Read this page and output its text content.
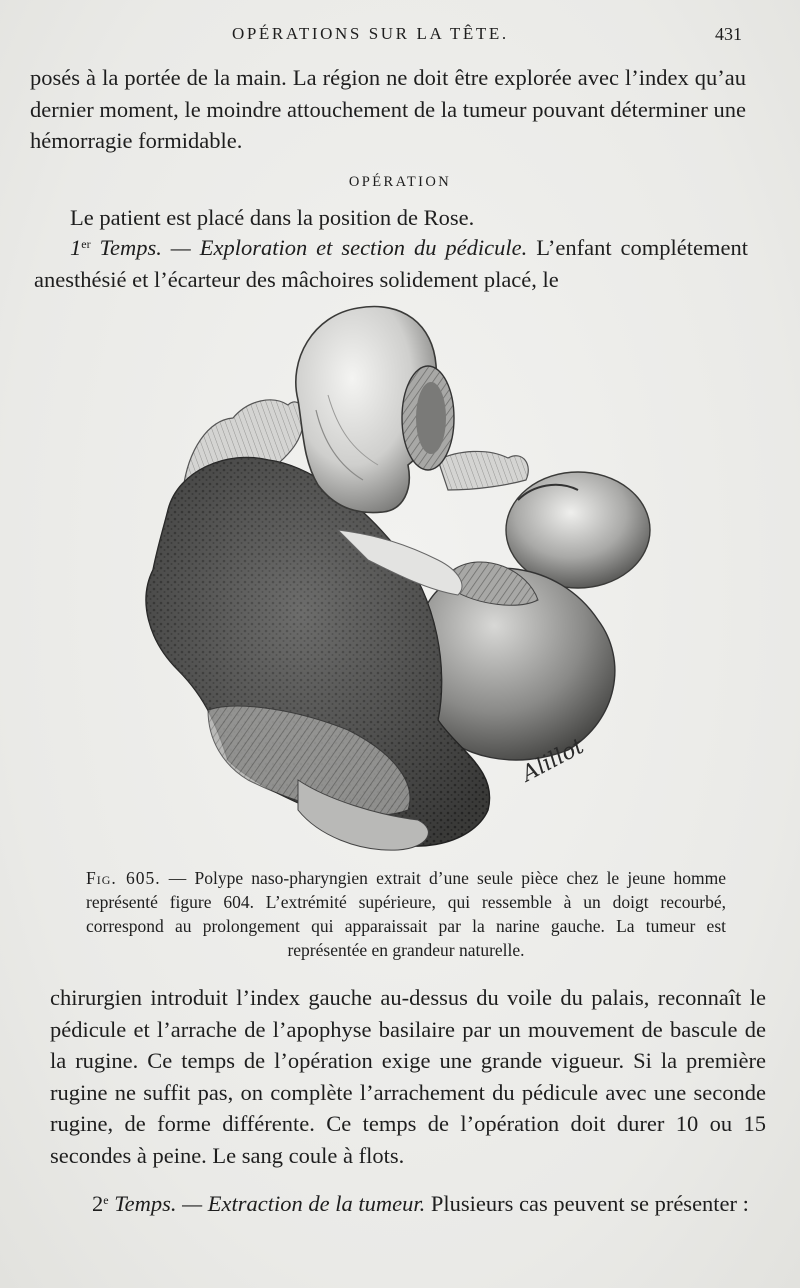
OPÉRATIONS SUR LA TÊTE.	431

posés à la portée de la main. La région ne doit être explorée avec l’index qu’au dernier moment, le moindre attouchement de la tumeur pouvant déterminer une hémorragie formidable.

OPÉRATION

Le patient est placé dans la position de Rose.

1er Temps. — Exploration et section du pédicule. L’enfant complétement anesthésié et l’écarteur des mâchoires solidement placé, le

Alillot

Fig. 605. — Polype naso-pharyngien extrait d’une seule pièce chez le jeune homme représenté figure 604. L’extrémité supérieure, qui ressemble à un doigt recourbé, correspond au prolongement qui apparaissait par la narine gauche. La tumeur est représentée en grandeur naturelle.

chirurgien introduit l’index gauche au-dessus du voile du palais, reconnaît le pédicule et l’arrache de l’apophyse basilaire par un mouvement de bascule de la rugine. Ce temps de l’opération exige une grande vigueur. Si la première rugine ne suffit pas, on complète l’arrachement du pédicule avec une seconde rugine, de forme différente. Ce temps de l’opération doit durer 10 ou 15 secondes à peine. Le sang coule à flots.

2e Temps. — Extraction de la tumeur. Plusieurs cas peuvent se présenter :
